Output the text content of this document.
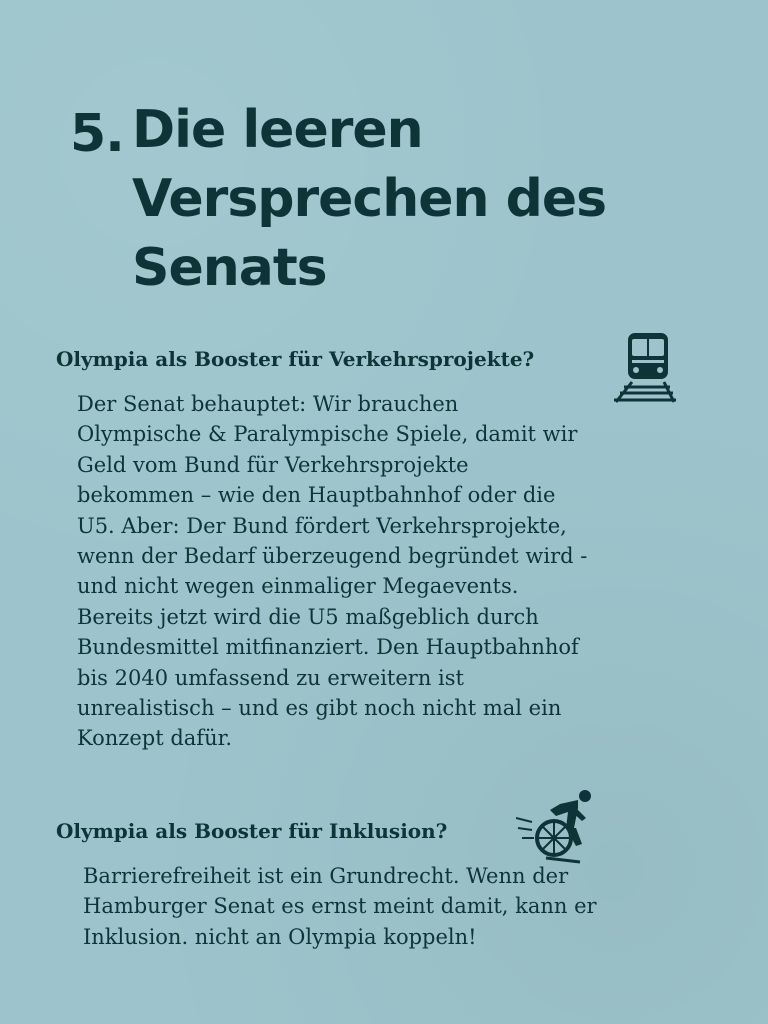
5. Die leeren Versprechen des Senats
Olympia als Booster für Verkehrsprojekte?
Der Senat behauptet: Wir brauchen
Olympische & Paralympische Spiele, damit wir
Geld vom Bund für Verkehrsprojekte
bekommen – wie den Hauptbahnhof oder die
U5. Aber: Der Bund fördert Verkehrsprojekte,
wenn der Bedarf überzeugend begründet wird -
und nicht wegen einmaliger Megaevents.
Bereits jetzt wird die U5 maßgeblich durch
Bundesmittel mitfinanziert. Den Hauptbahnhof
bis 2040 umfassend zu erweitern ist
unrealistisch – und es gibt noch nicht mal ein
Konzept dafür.
Olympia als Booster für Inklusion?
Barrierefreiheit ist ein Grundrecht. Wenn der
Hamburger Senat es ernst meint damit, kann er
Inklusion. nicht an Olympia koppeln!
